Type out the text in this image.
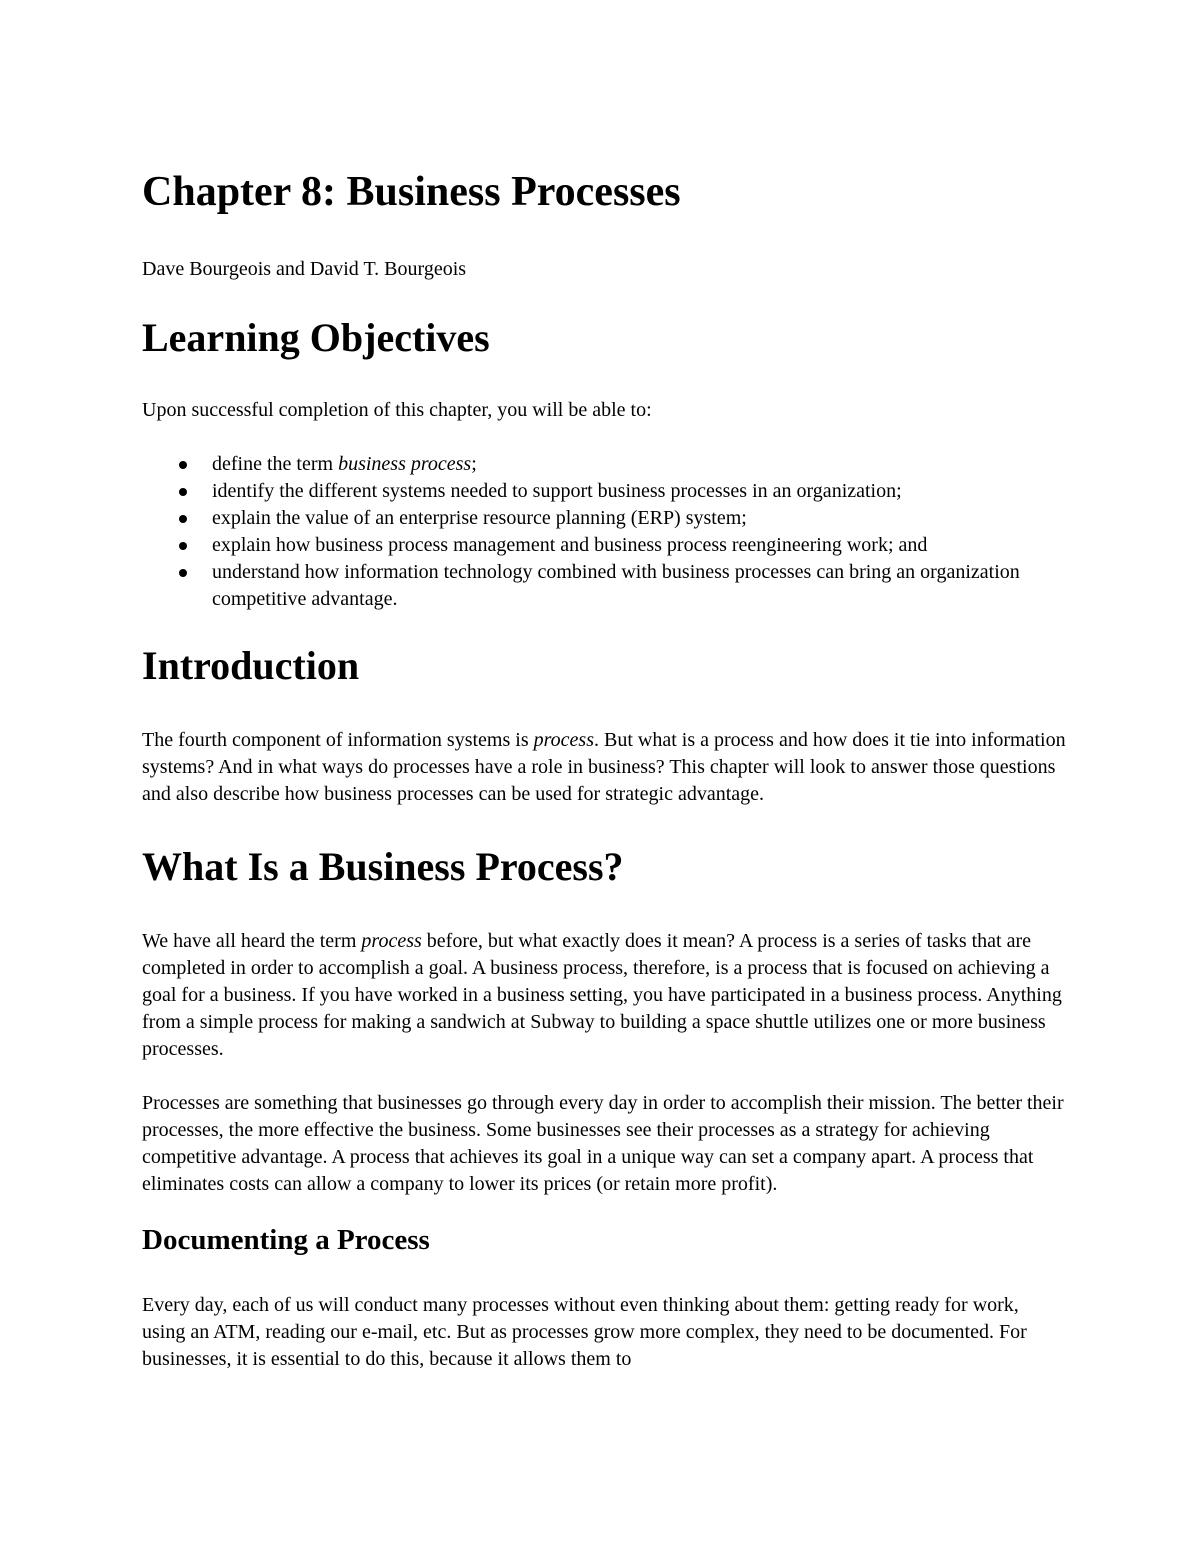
Chapter 8: Business Processes

Dave Bourgeois and David T. Bourgeois

Learning Objectives

Upon successful completion of this chapter, you will be able to:

define the term business process;
identify the different systems needed to support business processes in an organization;
explain the value of an enterprise resource planning (ERP) system;
explain how business process management and business process reengineering work; and
understand how information technology combined with business processes can bring an organization competitive advantage.
Introduction

The fourth component of information systems is process. But what is a process and how does it tie into information systems? And in what ways do processes have a role in business? This chapter will look to answer those questions and also describe how business processes can be used for strategic advantage.

What Is a Business Process?

We have all heard the term process before, but what exactly does it mean? A process is a series of tasks that are completed in order to accomplish a goal. A business process, therefore, is a process that is focused on achieving a goal for a business. If you have worked in a business setting, you have participated in a business process. Anything from a simple process for making a sandwich at Subway to building a space shuttle utilizes one or more business processes.

Processes are something that businesses go through every day in order to accomplish their mission. The better their processes, the more effective the business. Some businesses see their processes as a strategy for achieving competitive advantage. A process that achieves its goal in a unique way can set a company apart. A process that eliminates costs can allow a company to lower its prices (or retain more profit).

Documenting a Process

Every day, each of us will conduct many processes without even thinking about them: getting ready for work, using an ATM, reading our e-mail, etc. But as processes grow more complex, they need to be documented. For businesses, it is essential to do this, because it allows them to
